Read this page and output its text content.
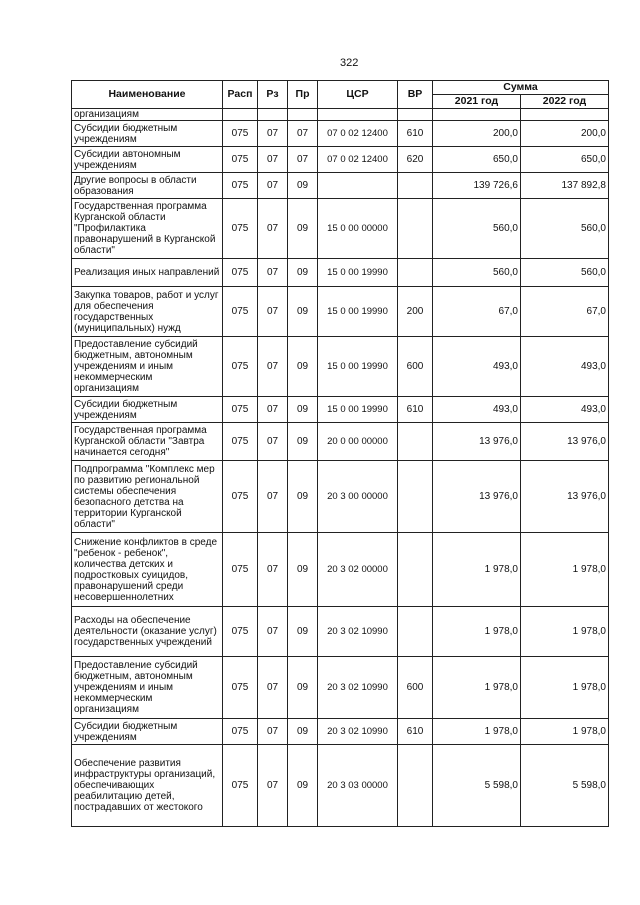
322
Наименование	Расп	Рз	Пр	ЦСР	ВР	Сумма	
						2021 год	2022 год
организациям							
Субсидии бюджетным учреждениям	075	07	07	07 0 02 12400	610	200,0	200,0
Субсидии автономным учреждениям	075	07	07	07 0 02 12400	620	650,0	650,0
Другие вопросы в области образования	075	07	09			139 726,6	137 892,8
Государственная программа Курганской области "Профилактика правонарушений в Курганской области"	075	07	09	15 0 00 00000		560,0	560,0
Реализация иных направлений	075	07	09	15 0 00 19990		560,0	560,0
Закупка товаров, работ и услуг для обеспечения государственных (муниципальных) нужд	075	07	09	15 0 00 19990	200	67,0	67,0
Предоставление субсидий бюджетным, автономным учреждениям и иным некоммерческим организациям	075	07	09	15 0 00 19990	600	493,0	493,0
Субсидии бюджетным учреждениям	075	07	09	15 0 00 19990	610	493,0	493,0
Государственная программа Курганской области "Завтра начинается сегодня"	075	07	09	20 0 00 00000		13 976,0	13 976,0
Подпрограмма "Комплекс мер по развитию региональной системы обеспечения безопасного детства на территории Курганской области"	075	07	09	20 3 00 00000		13 976,0	13 976,0
Снижение конфликтов в среде "ребенок - ребенок", количества детских и подростковых суицидов, правонарушений среди несовершеннолетних	075	07	09	20 3 02 00000		1 978,0	1 978,0
Расходы на обеспечение деятельности (оказание услуг) государственных учреждений	075	07	09	20 3 02 10990		1 978,0	1 978,0
Предоставление субсидий бюджетным, автономным учреждениям и иным некоммерческим организациям	075	07	09	20 3 02 10990	600	1 978,0	1 978,0
Субсидии бюджетным учреждениям	075	07	09	20 3 02 10990	610	1 978,0	1 978,0
Обеспечение развития инфраструктуры организаций, обеспечивающих реабилитацию детей, пострадавших от жестокого	075	07	09	20 3 03 00000		5 598,0	5 598,0
